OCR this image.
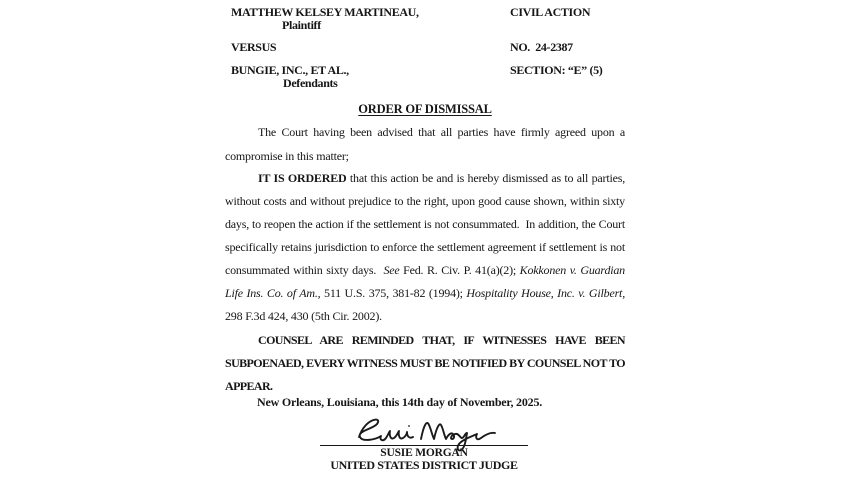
MATTHEW KELSEY MARTINEAU,
Plaintiff
VERSUS
BUNGIE, INC., ET AL.,
Defendants
CIVIL ACTION
NO.  24-2387
SECTION: “E” (5)
ORDER OF DISMISSAL
The Court having been advised that all parties have firmly agreed upon a compromise in this matter;
IT IS ORDERED that this action be and is hereby dismissed as to all parties, without costs and without prejudice to the right, upon good cause shown, within sixty days, to reopen the action if the settlement is not consummated.  In addition, the Court specifically retains jurisdiction to enforce the settlement agreement if settlement is not consummated within sixty days.  See Fed. R. Civ. P. 41(a)(2); Kokkonen v. Guardian Life Ins. Co. of Am., 511 U.S. 375, 381-82 (1994); Hospitality House, Inc. v. Gilbert, 298 F.3d 424, 430 (5th Cir. 2002).
COUNSEL ARE REMINDED THAT, IF WITNESSES HAVE BEEN SUBPOENAED, EVERY WITNESS MUST BE NOTIFIED BY COUNSEL NOT TO APPEAR.
New Orleans, Louisiana, this 14th day of November, 2025.
SUSIE MORGAN
UNITED STATES DISTRICT JUDGE
